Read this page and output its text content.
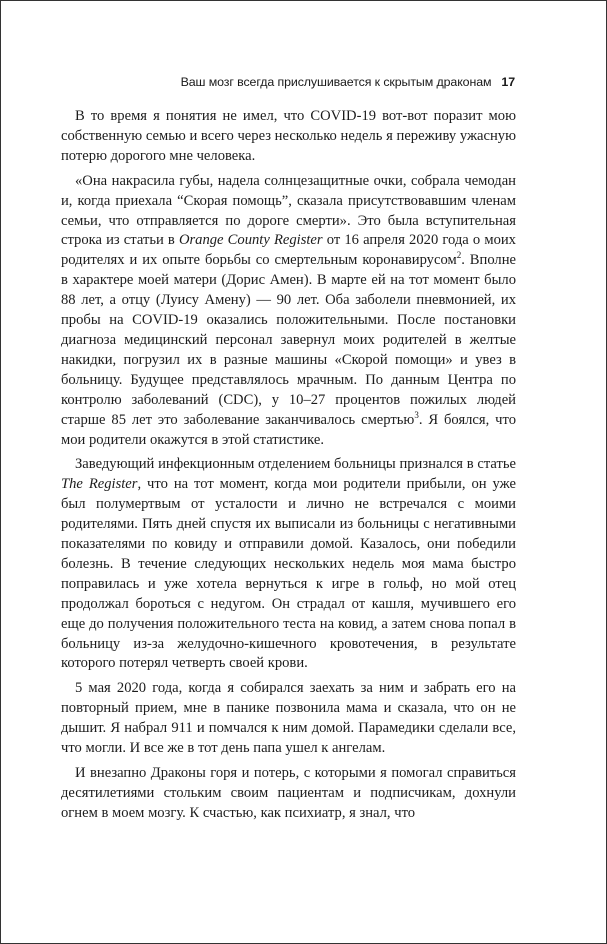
Ваш мозг всегда прислушивается к скрытым драконам 17

В то время я понятия не имел, что COVID-19 вот-вот поразит мою собственную семью и всего через несколько недель я переживу ужасную потерю дорогого мне человека.

«Она накрасила губы, надела солнцезащитные очки, собрала чемодан и, когда приехала “Скорая помощь”, сказала присутствовавшим членам семьи, что отправляется по дороге смерти». Это была вступительная строка из статьи в Orange County Register от 16 апреля 2020 года о моих родителях и их опыте борьбы со смертельным коронавирусом$^2$. Вполне в характере моей матери (Дорис Амен). В марте ей на тот момент было 88 лет, а отцу (Луису Амену) — 90 лет. Оба заболели пневмонией, их пробы на COVID-19 оказались положительными. После постановки диагноза медицинский персонал завернул моих родителей в желтые накидки, погрузил их в разные машины «Скорой помощи» и увез в больницу. Будущее представлялось мрачным. По данным Центра по контролю заболеваний (CDC), у 10–27 процентов пожилых людей старше 85 лет это заболевание заканчивалось смертью$^3$. Я боялся, что мои родители окажутся в этой статистике.

Заведующий инфекционным отделением больницы признался в статье The Register, что на тот момент, когда мои родители прибыли, он уже был полумертвым от усталости и лично не встречался с моими родителями. Пять дней спустя их выписали из больницы с негативными показателями по ковиду и отправили домой. Казалось, они победили болезнь. В течение следующих нескольких недель моя мама быстро поправилась и уже хотела вернуться к игре в гольф, но мой отец продолжал бороться с недугом. Он страдал от кашля, мучившего его еще до получения положительного теста на ковид, а затем снова попал в больницу из-за желудочно-кишечного кровотечения, в результате которого потерял четверть своей крови.

5 мая 2020 года, когда я собирался заехать за ним и забрать его на повторный прием, мне в панике позвонила мама и сказала, что он не дышит. Я набрал 911 и помчался к ним домой. Парамедики сделали все, что могли. И все же в тот день папа ушел к ангелам.

И внезапно Драконы горя и потерь, с которыми я помогал справиться десятилетиями стольким своим пациентам и подписчикам, дохнули огнем в моем мозгу. К счастью, как психиатр, я знал, что
